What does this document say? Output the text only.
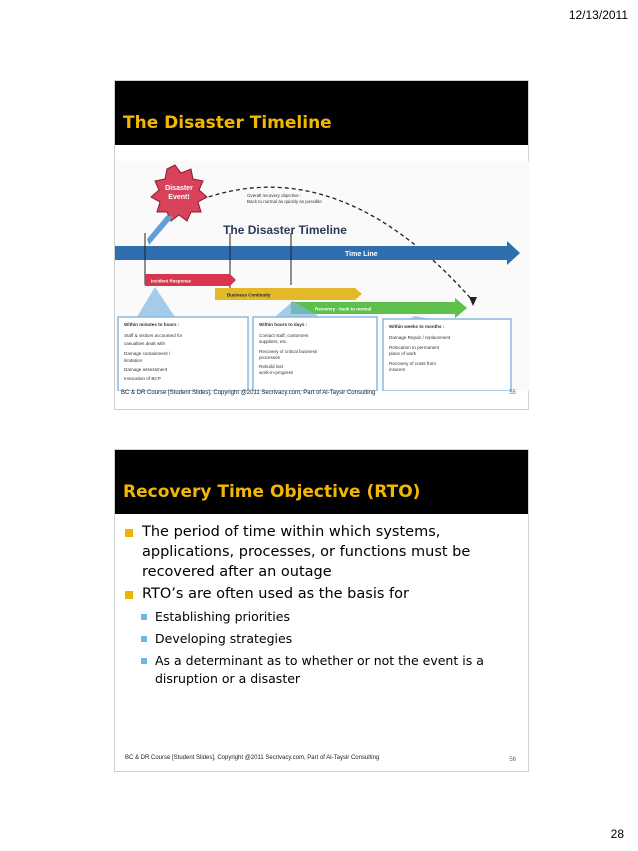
12/13/2011
The Disaster Timeline
Disaster
Event!	Overall recovery objective :
Back to normal as quickly as possible
The Disaster Timeline
Time Line
Incident Response
Business Continuity
Recovery - back to normal
Within minutes to hours :
Staff & visitors accounted for
casualties dealt with
Damage containment /
limitation
Damage assessment
Invocation of BCP
Within hours to days :
Contact staff, customers
suppliers, etc.
Recovery of critical business
processes
Rebuild lost
work-in-progress
Within weeks to months :
Damage Repair / replacement
Relocation to permanent
place of work
Recovery of costs from
insurers
BC & DR Course [Student Slides], Copyright @2011 Secrivacy.com, Part of Al-Taysir Consulting	55
Recovery Time Objective (RTO)
The period of time within which systems, applications, processes, or functions must be recovered after an outage
RTO’s are often used as the basis for
Establishing priorities
Developing strategies
As a determinant as to whether or not the event is a disruption or a disaster
BC & DR Course [Student Slides], Copyright @2011 Secrivacy.com, Part of Al-Taysir Consulting	56
28
